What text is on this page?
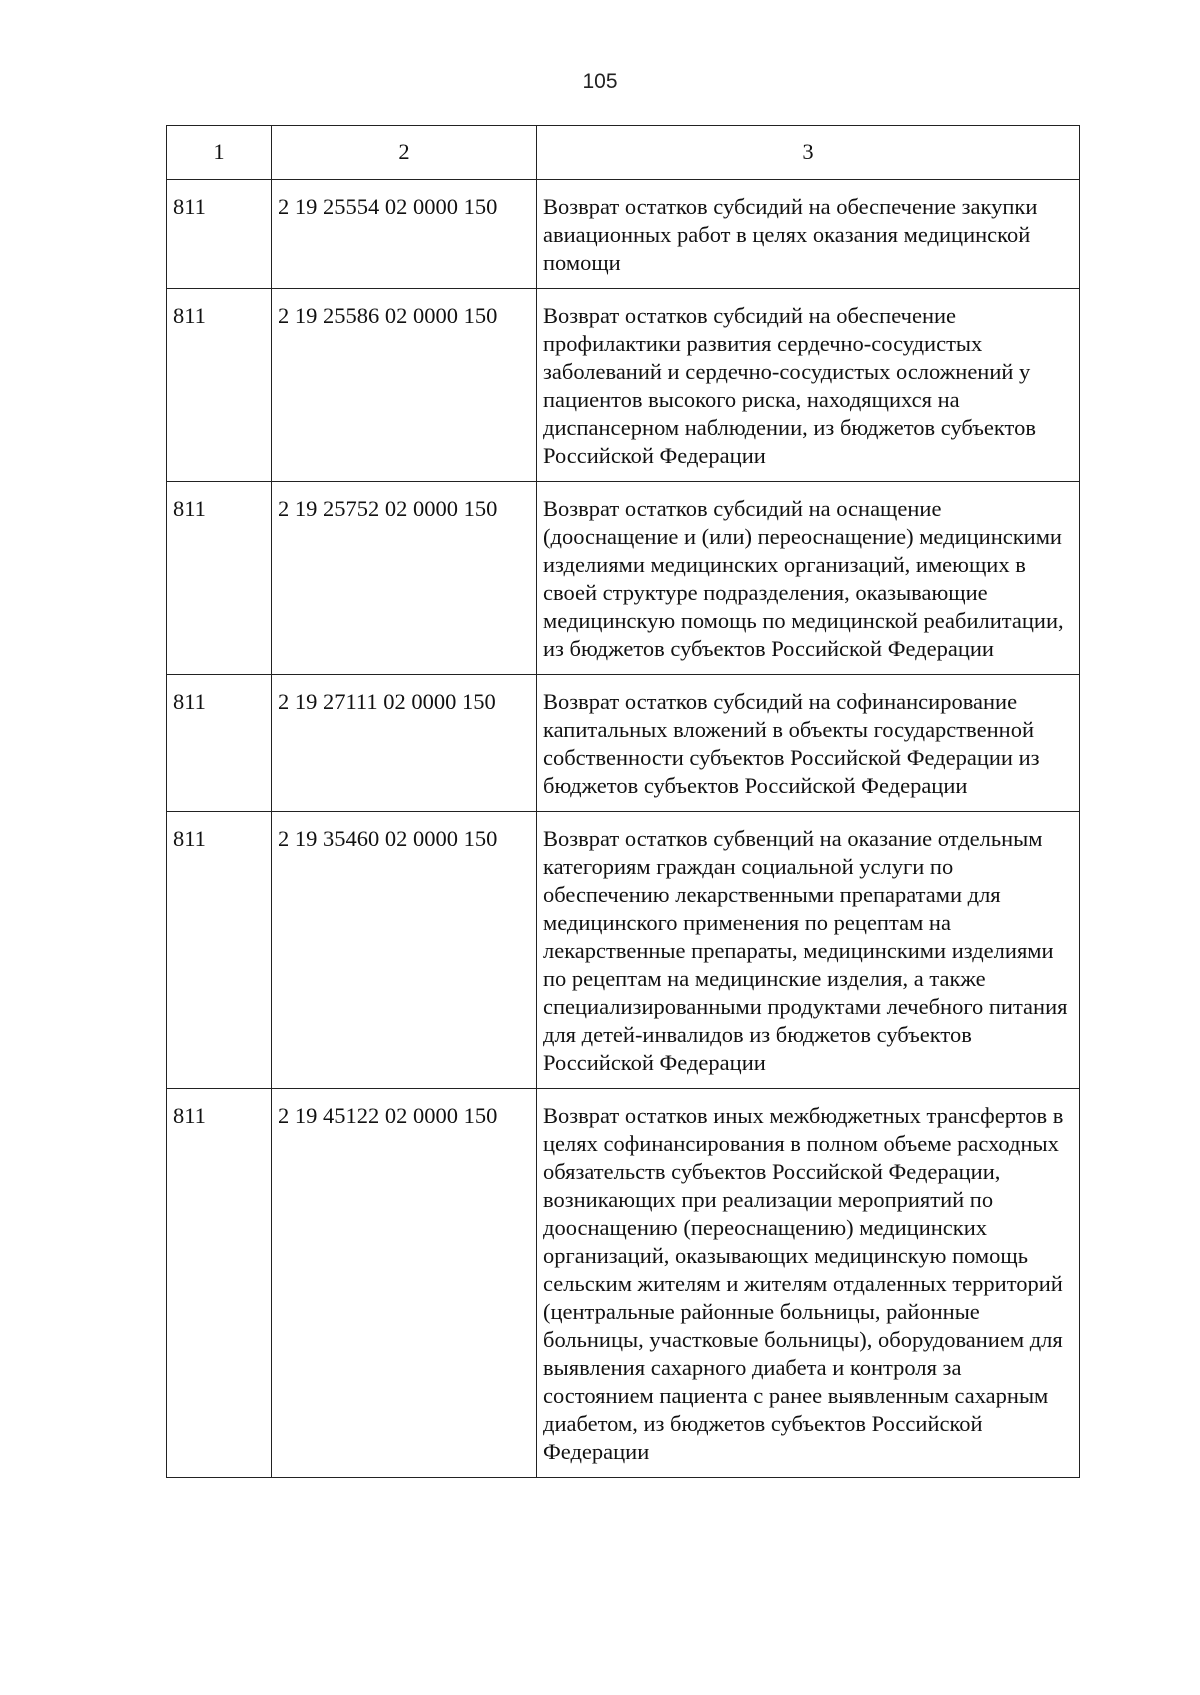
105
1	2	3
811	2 19 25554 02 0000 150	Возврат остатков субсидий на обеспечение закупки авиационных работ в целях оказания медицинской помощи
811	2 19 25586 02 0000 150	Возврат остатков субсидий на обеспечение профилактики развития сердечно-сосудистых заболеваний и сердечно-сосудистых осложнений у пациентов высокого риска, находящихся на диспансерном наблюдении, из бюджетов субъектов Российской Федерации
811	2 19 25752 02 0000 150	Возврат остатков субсидий на оснащение (дооснащение и (или) переоснащение) медицинскими изделиями медицинских организаций, имеющих в своей структуре подразделения, оказывающие медицинскую помощь по медицинской реабилитации, из бюджетов субъектов Российской Федерации
811	2 19 27111 02 0000 150	Возврат остатков субсидий на софинансирование капитальных вложений в объекты государственной собственности субъектов Российской Федерации из бюджетов субъектов Российской Федерации
811	2 19 35460 02 0000 150	Возврат остатков субвенций на оказание отдельным категориям граждан социальной услуги по обеспечению лекарственными препаратами для медицинского применения по рецептам на лекарственные препараты, медицинскими изделиями по рецептам на медицинские изделия, а также специализированными продуктами лечебного питания для детей-инвалидов из бюджетов субъектов Российской Федерации
811	2 19 45122 02 0000 150	Возврат остатков иных межбюджетных трансфертов в целях софинансирования в полном объеме расходных обязательств субъектов Российской Федерации, возникающих при реализации мероприятий по дооснащению (переоснащению) медицинских организаций, оказывающих медицинскую помощь сельским жителям и жителям отдаленных территорий (центральные районные больницы, районные больницы, участковые больницы), оборудованием для выявления сахарного диабета и контроля за состоянием пациента с ранее выявленным сахарным диабетом, из бюджетов субъектов Российской Федерации
